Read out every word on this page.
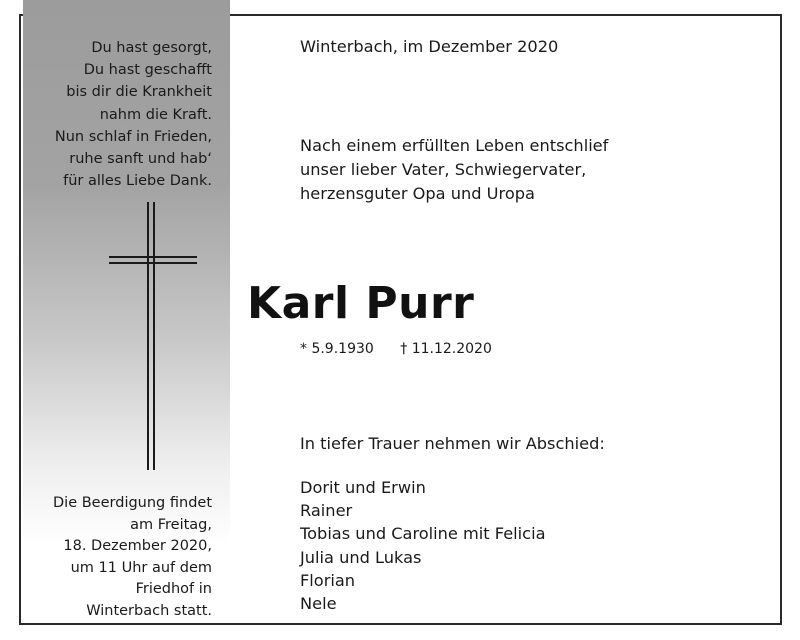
Du hast gesorgt,
Du hast geschafft
bis dir die Krankheit
nahm die Kraft.
Nun schlaf in Frieden,
ruhe sanft und hab‘
für alles Liebe Dank.
Die Beerdigung findet
am Freitag,
18. Dezember 2020,
um 11 Uhr auf dem
Friedhof in
Winterbach statt.
Winterbach, im Dezember 2020
Nach einem erfüllten Leben entschlief
unser lieber Vater, Schwiegervater,
herzensguter Opa und Uropa
Karl Purr
* 5.9.1930 † 11.12.2020
In tiefer Trauer nehmen wir Abschied:
Dorit und Erwin
Rainer
Tobias und Caroline mit Felicia
Julia und Lukas
Florian
Nele
